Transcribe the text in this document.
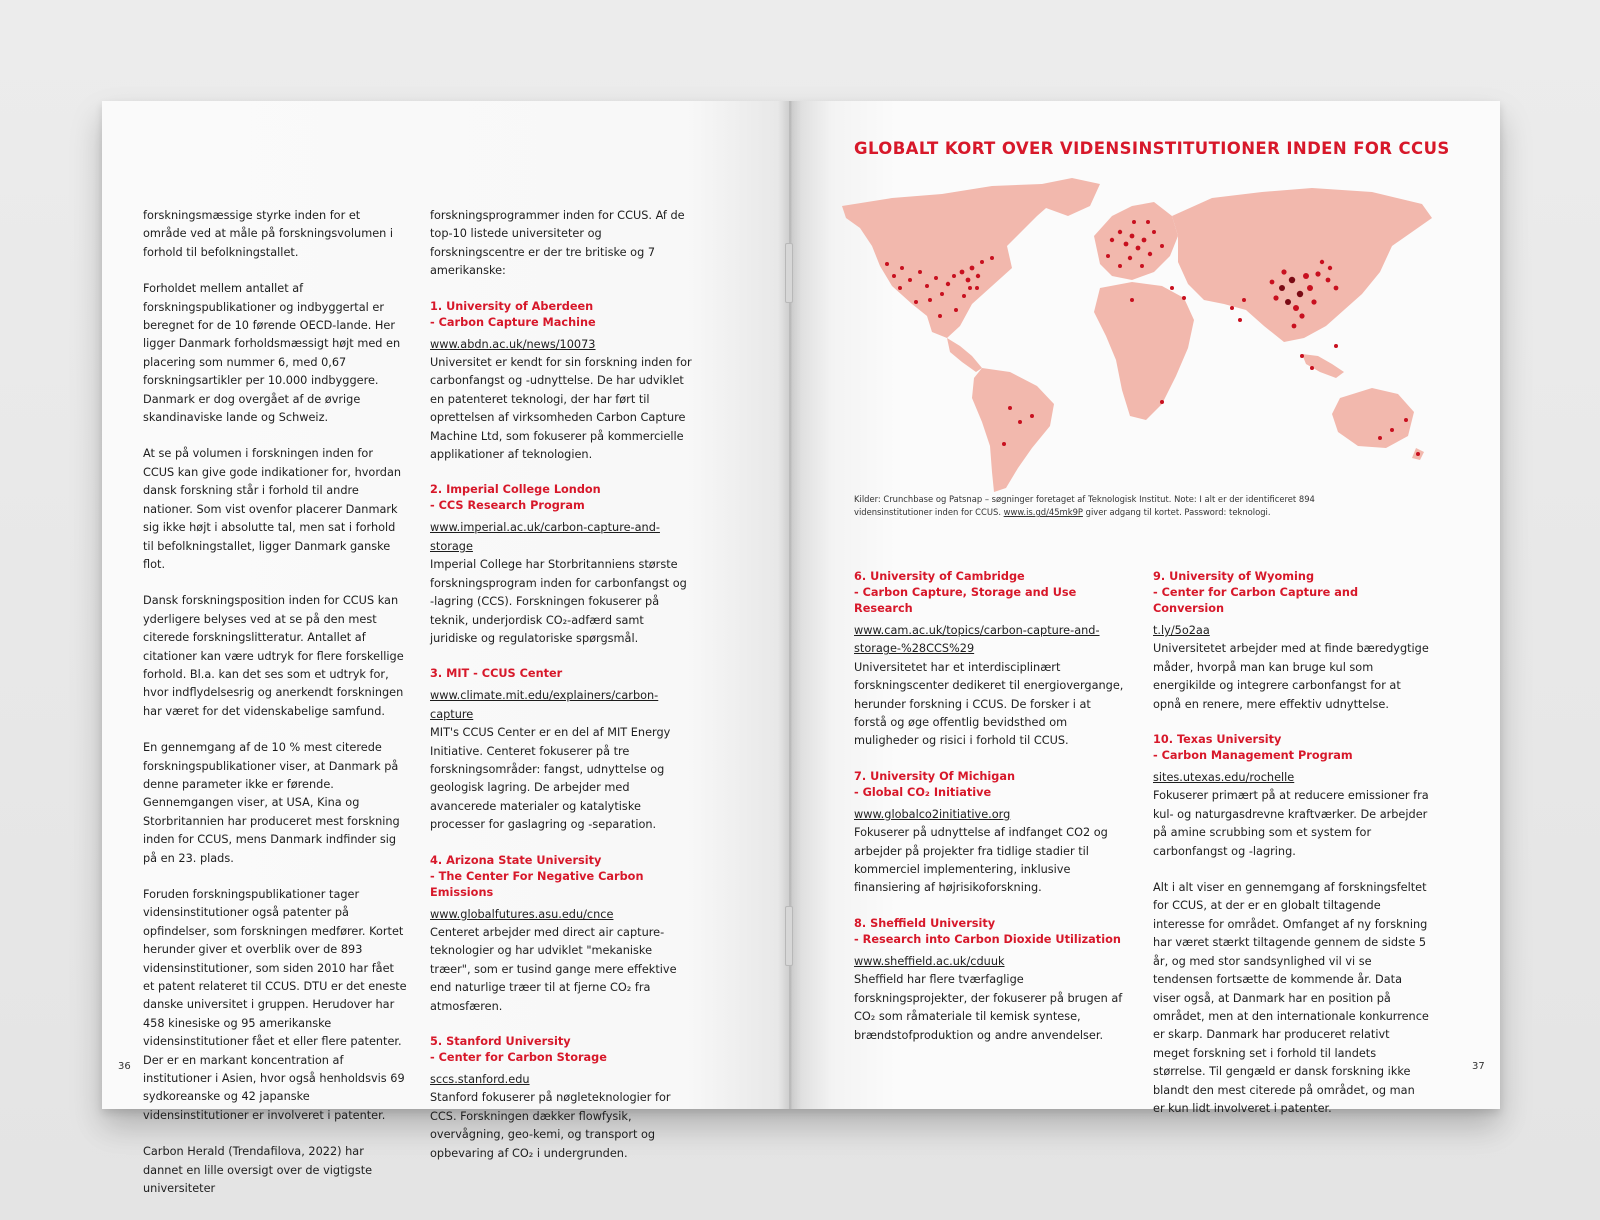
forskningsmæssige styrke inden for et område ved at måle på forskningsvolumen i forhold til befolkningstallet.

Forholdet mellem antallet af forskningspublikationer og indbyggertal er beregnet for de 10 førende OECD-lande. Her ligger Danmark forholdsmæssigt højt med en placering som nummer 6, med 0,67 forskningsartikler per 10.000 indbyggere. Danmark er dog overgået af de øvrige skandinaviske lande og Schweiz.

At se på volumen i forskningen inden for CCUS kan give gode indikationer for, hvordan dansk forskning står i forhold til andre nationer. Som vist ovenfor placerer Danmark sig ikke højt i absolutte tal, men sat i forhold til befolkningstallet, ligger Danmark ganske flot.

Dansk forskningsposition inden for CCUS kan yderligere belyses ved at se på den mest citerede forskningslitteratur. Antallet af citationer kan være udtryk for flere forskellige forhold. Bl.a. kan det ses som et udtryk for, hvor indflydelsesrig og anerkendt forskningen har været for det videnskabelige samfund.

En gennemgang af de 10 % mest citerede forskningspublikationer viser, at Danmark på denne parameter ikke er førende. Gennemgangen viser, at USA, Kina og Storbritannien har produceret mest forskning inden for CCUS, mens Danmark indfinder sig på en 23. plads.

Foruden forskningspublikationer tager vidensinstitutioner også patenter på opfindelser, som forskningen medfører. Kortet herunder giver et overblik over de 893 vidensinstitutioner, som siden 2010 har fået et patent relateret til CCUS. DTU er det eneste danske universitet i gruppen. Herudover har 458 kinesiske og 95 amerikanske vidensinstitutioner fået et eller flere patenter. Der er en markant koncentration af institutioner i Asien, hvor også henholdsvis 69 sydkoreanske og 42 japanske vidensinstitutioner er involveret i patenter.

Carbon Herald (Trendafilova, 2022) har dannet en lille oversigt over de vigtigste universiteter

forskningsprogrammer inden for CCUS. Af de top-10 listede universiteter og forskningscentre er der tre britiske og 7 amerikanske:

1. University of Aberdeen
- Carbon Capture Machine
www.abdn.ac.uk/news/10073
Universitet er kendt for sin forskning inden for carbonfangst og -udnyttelse. De har udviklet en patenteret teknologi, der har ført til oprettelsen af virksomheden Carbon Capture Machine Ltd, som fokuserer på kommercielle applikationer af teknologien.
2. Imperial College London
- CCS Research Program
www.imperial.ac.uk/carbon-capture-and-storage
Imperial College har Storbritanniens største forskningsprogram inden for carbonfangst og -lagring (CCS). Forskningen fokuserer på teknik, underjordisk CO₂-adfærd samt juridiske og regulatoriske spørgsmål.
3. MIT - CCUS Center
www.climate.mit.edu/explainers/carbon-capture
MIT's CCUS Center er en del af MIT Energy Initiative. Centeret fokuserer på tre forskningsområder: fangst, udnyttelse og geologisk lagring. De arbejder med avancerede materialer og katalytiske processer for gaslagring og -separation.
4. Arizona State University
- The Center For Negative Carbon Emissions
www.globalfutures.asu.edu/cnce
Centeret arbejder med direct air capture-teknologier og har udviklet "mekaniske træer", som er tusind gange mere effektive end naturlige træer til at fjerne CO₂ fra atmosfæren.
5. Stanford University
- Center for Carbon Storage
sccs.stanford.edu
Stanford fokuserer på nøgleteknologier for CCS. Forskningen dækker flowfysik, overvågning, geo-kemi, og transport og opbevaring af CO₂ i undergrunden.
36
GLOBALT KORT OVER VIDENSINSTITUTIONER INDEN FOR CCUS
Kilder: Crunchbase og Patsnap – søgninger foretaget af Teknologisk Institut. Note: I alt er der identificeret 894 vidensinstitutioner inden for CCUS. www.is.gd/45mk9P giver adgang til kortet. Password: teknologi.
6. University of Cambridge
- Carbon Capture, Storage and Use Research
www.cam.ac.uk/topics/carbon-capture-and-storage-%28CCS%29
Universitetet har et interdisciplinært forskningscenter dedikeret til energiovergange, herunder forskning i CCUS. De forsker i at forstå og øge offentlig bevidsthed om muligheder og risici i forhold til CCUS.
7. University Of Michigan
- Global CO₂ Initiative
www.globalco2initiative.org
Fokuserer på udnyttelse af indfanget CO2 og arbejder på projekter fra tidlige stadier til kommerciel implementering, inklusive finansiering af højrisikoforskning.
8. Sheffield University
- Research into Carbon Dioxide Utilization
www.sheffield.ac.uk/cduuk
Sheffield har flere tværfaglige forskningsprojekter, der fokuserer på brugen af CO₂ som råmateriale til kemisk syntese, brændstofproduktion og andre anvendelser.
9. University of Wyoming
- Center for Carbon Capture and Conversion
t.ly/5o2aa
Universitetet arbejder med at finde bæredygtige måder, hvorpå man kan bruge kul som energikilde og integrere carbonfangst for at opnå en renere, mere effektiv udnyttelse.
10. Texas University
- Carbon Management Program
sites.utexas.edu/rochelle
Fokuserer primært på at reducere emissioner fra kul- og naturgasdrevne kraftværker. De arbejder på amine scrubbing som et system for carbonfangst og -lagring.

Alt i alt viser en gennemgang af forskningsfeltet for CCUS, at der er en globalt tiltagende interesse for området. Omfanget af ny forskning har været stærkt tiltagende gennem de sidste 5 år, og med stor sandsynlighed vil vi se tendensen fortsætte de kommende år. Data viser også, at Danmark har en position på området, men at den internationale konkurrence er skarp. Danmark har produceret relativt meget forskning set i forhold til landets størrelse. Til gengæld er dansk forskning ikke blandt den mest citerede på området, og man er kun lidt involveret i patenter.

37
